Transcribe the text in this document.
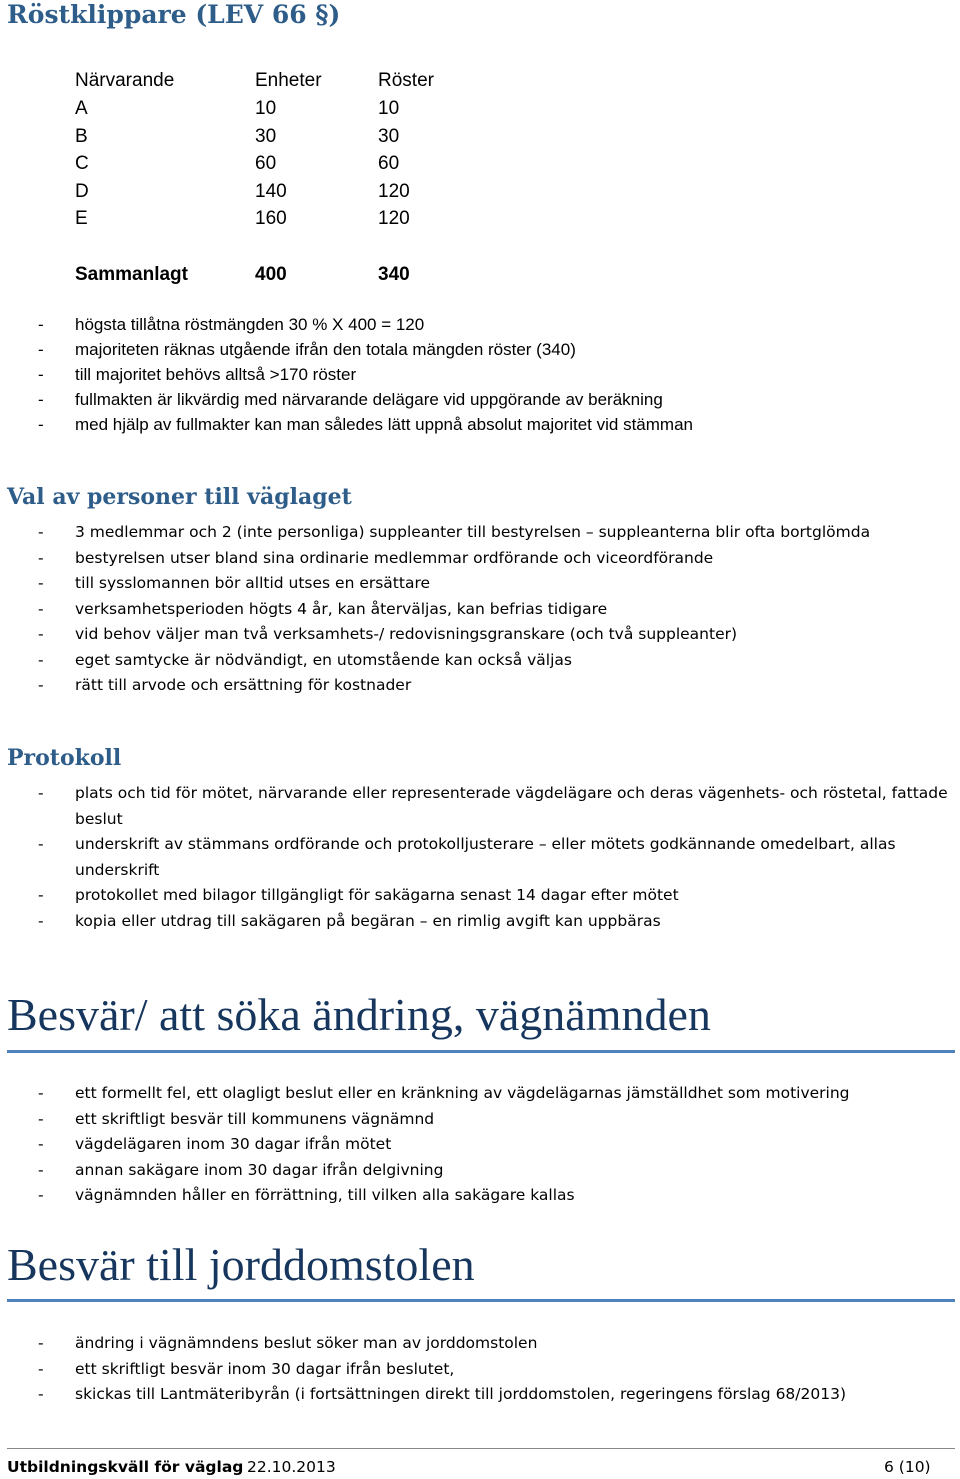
Röstklippare (LEV 66 §)
Närvarande	Enheter	Röster
A	10	10
B	30	30
C	60	60
D	140	120
E	160	120
Sammanlagt	400	340
- högsta tillåtna röstmängden 30 % X 400 = 120
- majoriteten räknas utgående ifrån den totala mängden röster (340)
- till majoritet behövs alltså >170 röster
- fullmakten är likvärdig med närvarande delägare vid uppgörande av beräkning
- med hjälp av fullmakter kan man således lätt uppnå absolut majoritet vid stämman
Val av personer till väglaget
- 3 medlemmar och 2 (inte personliga) suppleanter till bestyrelsen – suppleanterna blir ofta bortglömda
- bestyrelsen utser bland sina ordinarie medlemmar ordförande och viceordförande
- till sysslomannen bör alltid utses en ersättare
- verksamhetsperioden högts 4 år, kan återväljas, kan befrias tidigare
- vid behov väljer man två verksamhets-/ redovisningsgranskare (och två suppleanter)
- eget samtycke är nödvändigt, en utomstående kan också väljas
- rätt till arvode och ersättning för kostnader
Protokoll
- plats och tid för mötet, närvarande eller representerade vägdelägare och deras vägenhets- och röstetal, fattade beslut
- underskrift av stämmans ordförande och protokolljusterare – eller mötets godkännande omedelbart, allas underskrift
- protokollet med bilagor tillgängligt för sakägarna senast 14 dagar efter mötet
- kopia eller utdrag till sakägaren på begäran – en rimlig avgift kan uppbäras
Besvär/ att söka ändring, vägnämnden
- ett formellt fel, ett olagligt beslut eller en kränkning av vägdelägarnas jämställdhet som motivering
- ett skriftligt besvär till kommunens vägnämnd
- vägdelägaren inom 30 dagar ifrån mötet
- annan sakägare inom 30 dagar ifrån delgivning
- vägnämnden håller en förrättning, till vilken alla sakägare kallas
Besvär till jorddomstolen
- ändring i vägnämndens beslut söker man av jorddomstolen
- ett skriftligt besvär inom 30 dagar ifrån beslutet,
- skickas till Lantmäteribyrån (i fortsättningen direkt till jorddomstolen, regeringens förslag 68/2013)
Utbildningskväll för väglag 22.10.2013	6 (10)
